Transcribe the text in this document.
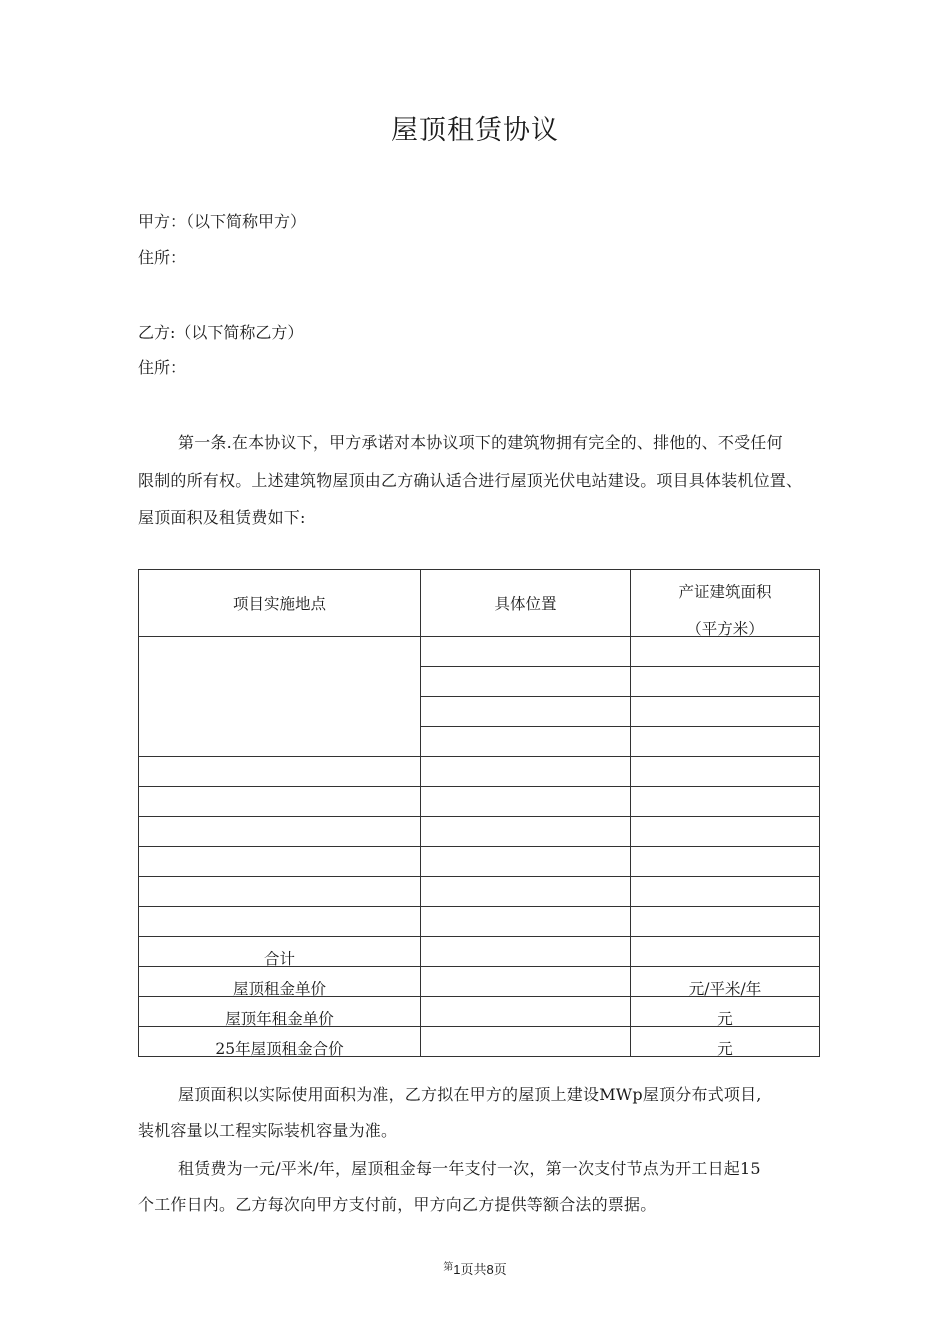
屋顶租赁协议
甲方：（以下简称甲方）
住所：
乙方:（以下简称乙方）
住所：
第一条.在本协议下，甲方承诺对本协议项下的建筑物拥有完全的、排他的、不受任何
限制的所有权。上述建筑物屋顶由乙方确认适合进行屋顶光伏电站建设。项目具体装机位置、
屋顶面积及租赁费如下:
项目实施地点	具体位置	产证建筑面积
（平方米）

合计		
屋顶租金单价		元/平米/年
屋顶年租金单价		元
25年屋顶租金合价		元
屋顶面积以实际使用面积为准，乙方拟在甲方的屋顶上建设MWp屋顶分布式项目,
装机容量以工程实际装机容量为准。
租赁费为一元/平米/年，屋顶租金每一年支付一次，第一次支付节点为开工日起15
个工作日内。乙方每次向甲方支付前，甲方向乙方提供等额合法的票据。
$^第$1页共8页
